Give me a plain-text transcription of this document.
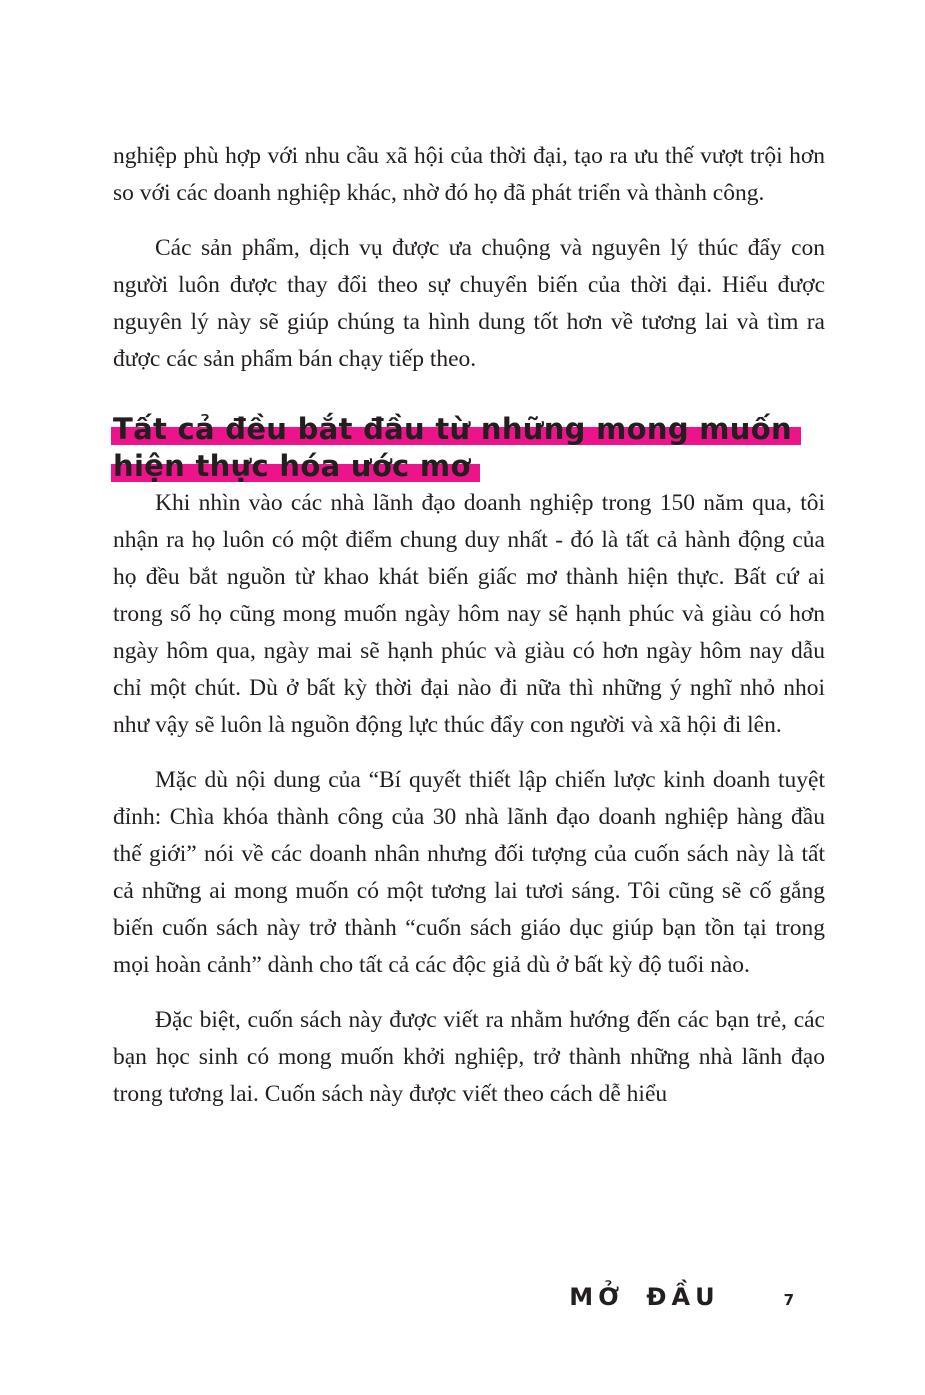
nghiệp phù hợp với nhu cầu xã hội của thời đại, tạo ra ưu thế vượt trội hơn so với các doanh nghiệp khác, nhờ đó họ đã phát triển và thành công.

Các sản phẩm, dịch vụ được ưa chuộng và nguyên lý thúc đẩy con người luôn được thay đổi theo sự chuyển biến của thời đại. Hiểu được nguyên lý này sẽ giúp chúng ta hình dung tốt hơn về tương lai và tìm ra được các sản phẩm bán chạy tiếp theo.

Tất cả đều bắt đầu từ những mong muốn
hiện thực hóa ước mơ

Khi nhìn vào các nhà lãnh đạo doanh nghiệp trong 150 năm qua, tôi nhận ra họ luôn có một điểm chung duy nhất - đó là tất cả hành động của họ đều bắt nguồn từ khao khát biến giấc mơ thành hiện thực. Bất cứ ai trong số họ cũng mong muốn ngày hôm nay sẽ hạnh phúc và giàu có hơn ngày hôm qua, ngày mai sẽ hạnh phúc và giàu có hơn ngày hôm nay dẫu chỉ một chút. Dù ở bất kỳ thời đại nào đi nữa thì những ý nghĩ nhỏ nhoi như vậy sẽ luôn là nguồn động lực thúc đẩy con người và xã hội đi lên.

Mặc dù nội dung của “Bí quyết thiết lập chiến lược kinh doanh tuyệt đỉnh: Chìa khóa thành công của 30 nhà lãnh đạo doanh nghiệp hàng đầu thế giới” nói về các doanh nhân nhưng đối tượng của cuốn sách này là tất cả những ai mong muốn có một tương lai tươi sáng. Tôi cũng sẽ cố gắng biến cuốn sách này trở thành “cuốn sách giáo dục giúp bạn tồn tại trong mọi hoàn cảnh” dành cho tất cả các độc giả dù ở bất kỳ độ tuổi nào.

Đặc biệt, cuốn sách này được viết ra nhằm hướng đến các bạn trẻ, các bạn học sinh có mong muốn khởi nghiệp, trở thành những nhà lãnh đạo trong tương lai. Cuốn sách này được viết theo cách dễ hiểu

MỞ ĐẦU	7
